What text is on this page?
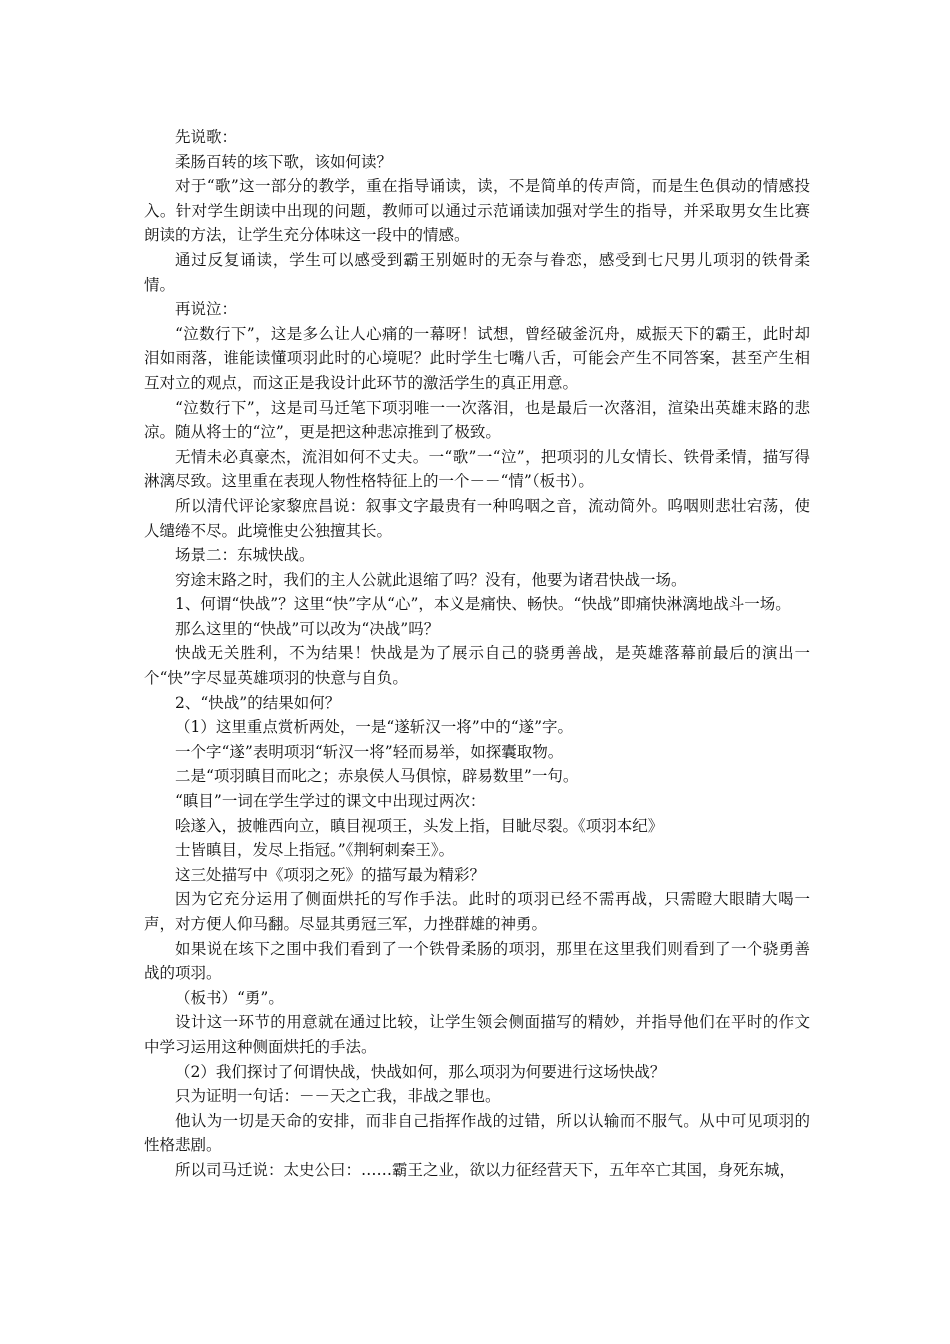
先说歌：

柔肠百转的垓下歌，该如何读？

对于“歌”这一部分的教学，重在指导诵读，读，不是简单的传声筒，而是生色俱动的情感投入。针对学生朗读中出现的问题，教师可以通过示范诵读加强对学生的指导，并采取男女生比赛朗读的方法，让学生充分体味这一段中的情感。

通过反复诵读，学生可以感受到霸王别姬时的无奈与眷恋，感受到七尺男儿项羽的铁骨柔情。

再说泣：

“泣数行下”，这是多么让人心痛的一幕呀！试想，曾经破釜沉舟，威振天下的霸王，此时却泪如雨落，谁能读懂项羽此时的心境呢？此时学生七嘴八舌，可能会产生不同答案，甚至产生相互对立的观点，而这正是我设计此环节的激活学生的真正用意。

“泣数行下”，这是司马迁笔下项羽唯一一次落泪，也是最后一次落泪，渲染出英雄末路的悲凉。随从将士的“泣”，更是把这种悲凉推到了极致。

无情未必真豪杰，流泪如何不丈夫。一“歌”一“泣”，把项羽的儿女情长、铁骨柔情，描写得淋漓尽致。这里重在表现人物性格特征上的一个－－“情”（板书）。

所以清代评论家黎庶昌说：叙事文字最贵有一种呜咽之音，流动简外。呜咽则悲壮宕荡，使人缱绻不尽。此境惟史公独擅其长。

场景二：东城快战。

穷途末路之时，我们的主人公就此退缩了吗？没有，他要为诸君快战一场。

1、何谓“快战”？这里“快”字从“心”，本义是痛快、畅快。“快战”即痛快淋漓地战斗一场。

那么这里的“快战”可以改为“决战”吗？

快战无关胜利，不为结果！快战是为了展示自己的骁勇善战，是英雄落幕前最后的演出一个“快”字尽显英雄项羽的快意与自负。

2、“快战”的结果如何？

（1）这里重点赏析两处，一是“遂斩汉一将”中的“遂”字。

一个字“遂”表明项羽“斩汉一将”轻而易举，如探囊取物。

二是“项羽瞋目而叱之；赤泉侯人马俱惊，辟易数里”一句。

“瞋目”一词在学生学过的课文中出现过两次：

哙遂入，披帷西向立，瞋目视项王，头发上指，目眦尽裂。《项羽本纪》

士皆瞋目，发尽上指冠。”《荆轲刺秦王》。

这三处描写中《项羽之死》的描写最为精彩？

因为它充分运用了侧面烘托的写作手法。此时的项羽已经不需再战，只需瞪大眼睛大喝一声，对方便人仰马翻。尽显其勇冠三军，力挫群雄的神勇。

如果说在垓下之围中我们看到了一个铁骨柔肠的项羽，那里在这里我们则看到了一个骁勇善战的项羽。

（板书）“勇”。

设计这一环节的用意就在通过比较，让学生领会侧面描写的精妙，并指导他们在平时的作文中学习运用这种侧面烘托的手法。

（2）我们探讨了何谓快战，快战如何，那么项羽为何要进行这场快战？

只为证明一句话：－－天之亡我，非战之罪也。

他认为一切是天命的安排，而非自己指挥作战的过错，所以认输而不服气。从中可见项羽的性格悲剧。

所以司马迁说：太史公曰：……霸王之业，欲以力征经营天下，五年卒亡其国，身死东城，
